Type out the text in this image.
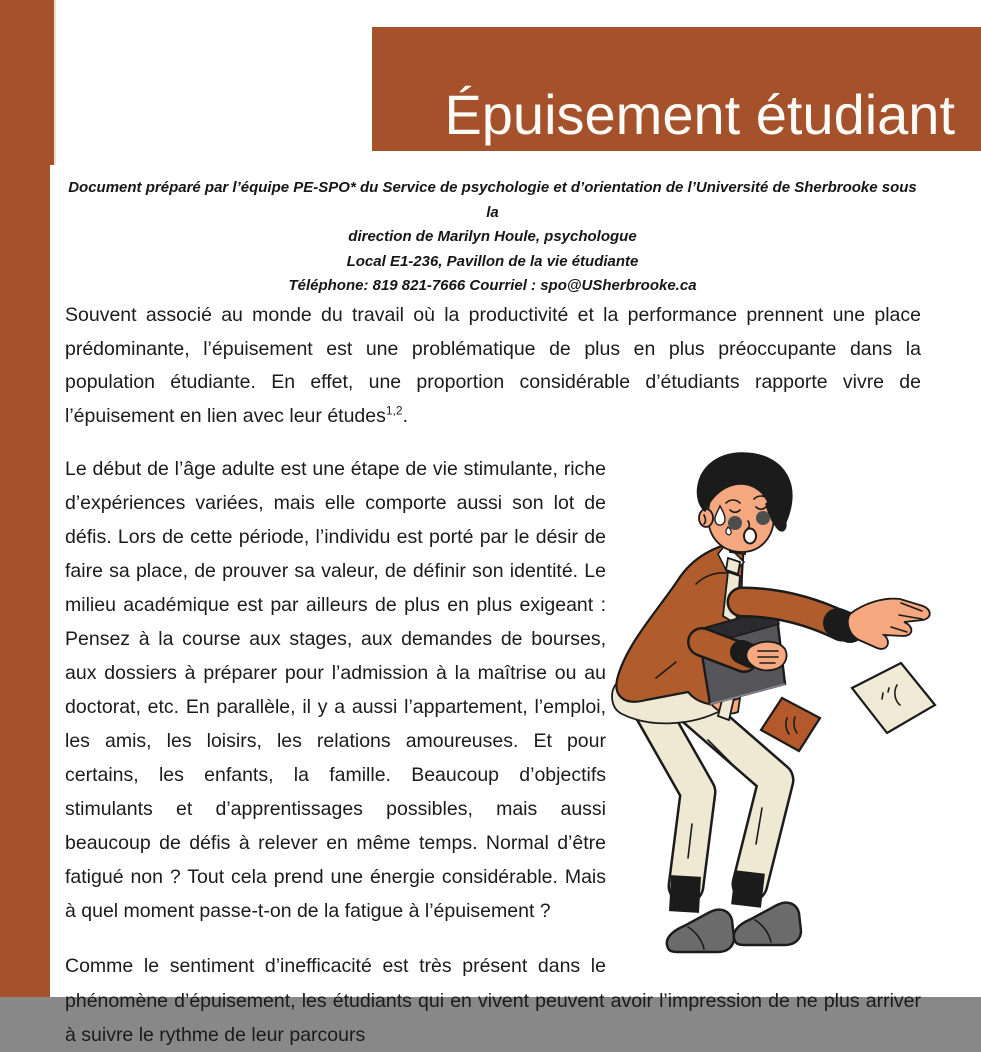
Épuisement étudiant
Document préparé par l’équipe PE-SPO* du Service de psychologie et d’orientation de l’Université de Sherbrooke sous la
direction de Marilyn Houle, psychologue
Local E1-236, Pavillon de la vie étudiante
Téléphone: 819 821-7666 Courriel : spo@USherbrooke.ca

Souvent associé au monde du travail où la productivité et la performance prennent une place prédominante, l’épuisement est une problématique de plus en plus préoccupante dans la population étudiante. En effet, une proportion considérable d’étudiants rapporte vivre de l’épuisement en lien avec leur études$^{1,2}$.

Le début de l’âge adulte est une étape de vie stimulante, riche d’expériences variées, mais elle comporte aussi son lot de défis. Lors de cette période, l’individu est porté par le désir de faire sa place, de prouver sa valeur, de définir son identité. Le milieu académique est par ailleurs de plus en plus exigeant : Pensez à la course aux stages, aux demandes de bourses, aux dossiers à préparer pour l’admission à la maîtrise ou au doctorat, etc. En parallèle, il y a aussi l’appartement, l’emploi, les amis, les loisirs, les relations amoureuses. Et pour certains, les enfants, la famille. Beaucoup d’objectifs stimulants et d’apprentissages possibles, mais aussi beaucoup de défis à relever en même temps. Normal d’être fatigué non ? Tout cela prend une énergie considérable. Mais à quel moment passe-t-on de la fatigue à l’épuisement ?

Comme le sentiment d’inefficacité est très présent dans le

phénomène d’épuisement, les étudiants qui en vivent peuvent avoir l’impression de ne plus arriver à suivre le rythme de leur parcours
